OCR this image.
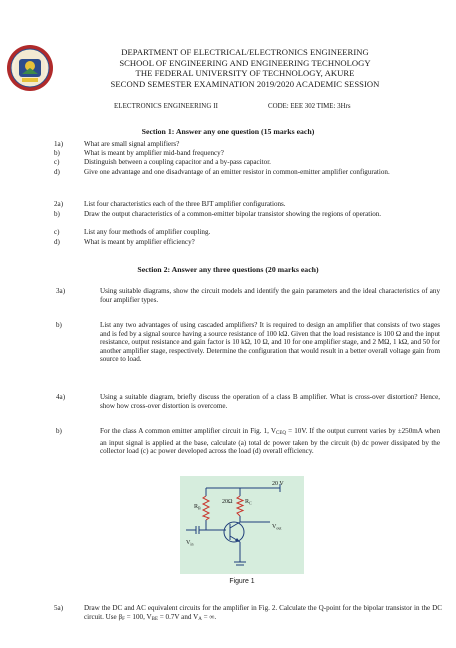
DEPARTMENT OF ELECTRICAL/ELECTRONICS ENGINEERING
SCHOOL OF ENGINEERING AND ENGINEERING TECHNOLOGY
THE FEDERAL UNIVERSITY OF TECHNOLOGY, AKURE
SECOND SEMESTER EXAMINATION 2019/2020 ACADEMIC SESSION
ELECTRONICS ENGINEERING II	CODE: EEE 302 TIME: 3Hrs
Section 1: Answer any one question (15 marks each)
1a)	What are small signal amplifiers?
b)	What is meant by amplifier mid-band frequency?
c)	Distinguish between a coupling capacitor and a by-pass capacitor.
d)	Give one advantage and one disadvantage of an emitter resistor in common-emitter amplifier configuration.
2a)	List four characteristics each of the three BJT amplifier configurations.
b)	Draw the output characteristics of a common-emitter bipolar transistor showing the regions of operation.
c)	List any four methods of amplifier coupling.
d)	What is meant by amplifier efficiency?
Section 2: Answer any three questions (20 marks each)
3a)	Using suitable diagrams, show the circuit models and identify the gain parameters and the ideal characteristics of any four amplifier types.
b)	List any two advantages of using cascaded amplifiers? It is required to design an amplifier that consists of two stages and is fed by a signal source having a source resistance of 100 kΩ. Given that the load resistance is 100 Ω and the input resistance, output resistance and gain factor is 10 kΩ, 10 Ω, and 10 for one amplifier stage, and 2 MΩ, 1 kΩ, and 50 for another amplifier stage, respectively. Determine the configuration that would result in a better overall voltage gain from source to load.
4a)	Using a suitable diagram, briefly discuss the operation of a class B amplifier. What is cross-over distortion? Hence, show how cross-over distortion is overcome.
b)	For the class A common emitter amplifier circuit in Fig. 1, $V_{CEQ} = 10V$. If the output current varies by ±250mA when an input signal is applied at the base, calculate (a) total dc power taken by the circuit (b) dc power dissipated by the collector load (c) ac power developed across the load (d) overall efficiency.
20 V
$R_B$
20Ω $R_C$
$V_{out}$
$V_{in}$
Figure 1
5a)	Draw the DC and AC equivalent circuits for the amplifier in Fig. 2. Calculate the Q-point for the bipolar transistor in the DC circuit. Use $\beta_F = 100$, $V_{BE} = 0.7V$ and $V_A$ = ∞.
